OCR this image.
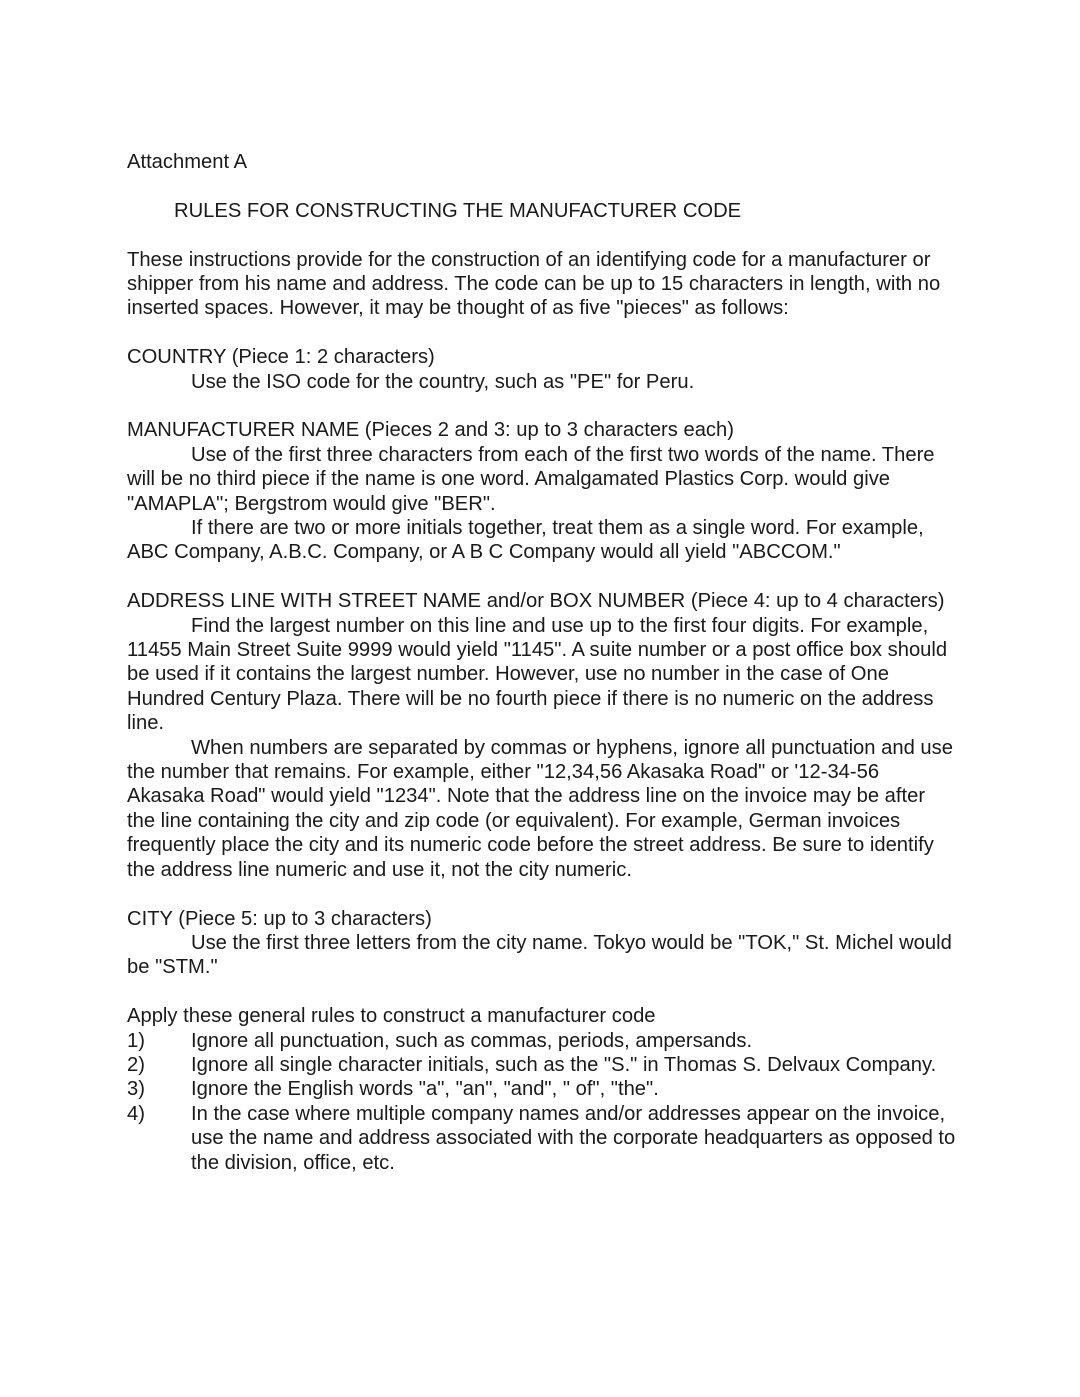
Attachment A

RULES FOR CONSTRUCTING THE MANUFACTURER CODE

These instructions provide for the construction of an identifying code for a manufacturer or shipper from his name and address. The code can be up to 15 characters in length, with no inserted spaces. However, it may be thought of as five "pieces" as follows:

COUNTRY (Piece 1: 2 characters)

Use the ISO code for the country, such as "PE" for Peru.

MANUFACTURER NAME (Pieces 2 and 3: up to 3 characters each)

Use of the first three characters from each of the first two words of the name. There will be no third piece if the name is one word. Amalgamated Plastics Corp. would give "AMAPLA"; Bergstrom would give "BER".

If there are two or more initials together, treat them as a single word. For example, ABC Company, A.B.C. Company, or A B C Company would all yield "ABCCOM."

ADDRESS LINE WITH STREET NAME and/or BOX NUMBER (Piece 4: up to 4 characters)

Find the largest number on this line and use up to the first four digits. For example, 11455 Main Street Suite 9999 would yield "1145". A suite number or a post office box should be used if it contains the largest number. However, use no number in the case of One Hundred Century Plaza. There will be no fourth piece if there is no numeric on the address line.

When numbers are separated by commas or hyphens, ignore all punctuation and use the number that remains. For example, either "12,34,56 Akasaka Road" or '12-34-56 Akasaka Road" would yield "1234". Note that the address line on the invoice may be after the line containing the city and zip code (or equivalent). For example, German invoices frequently place the city and its numeric code before the street address. Be sure to identify the address line numeric and use it, not the city numeric.

CITY (Piece 5: up to 3 characters)

Use the first three letters from the city name. Tokyo would be "TOK," St. Michel would be "STM."

Apply these general rules to construct a manufacturer code

1)	Ignore all punctuation, such as commas, periods, ampersands.
2)	Ignore all single character initials, such as the "S." in Thomas S. Delvaux Company.
3)	Ignore the English words "a", "an", "and", " of", "the".
4)	In the case where multiple company names and/or addresses appear on the invoice, use the name and address associated with the corporate headquarters as opposed to the division, office, etc.
